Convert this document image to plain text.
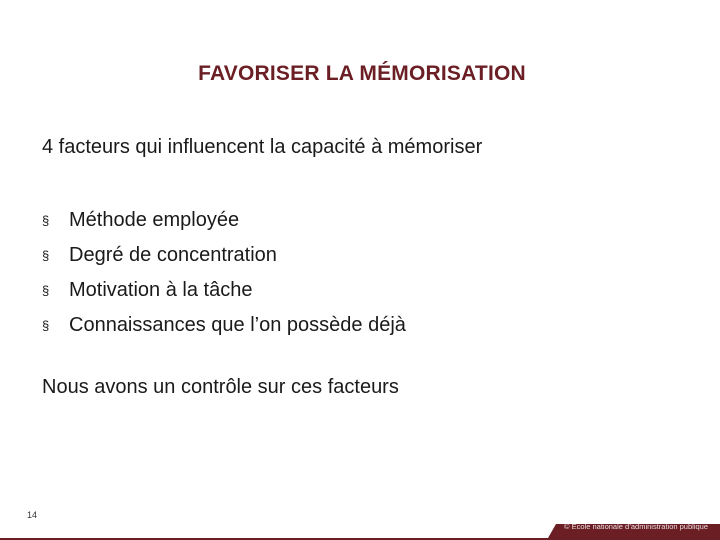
FAVORISER LA MÉMORISATION
4 facteurs qui influencent la capacité à mémoriser
§ Méthode employée
§ Degré de concentration
§ Motivation à la tâche
§ Connaissances que l’on possède déjà
Nous avons un contrôle sur ces facteurs
14
© École nationale d’administration publique
